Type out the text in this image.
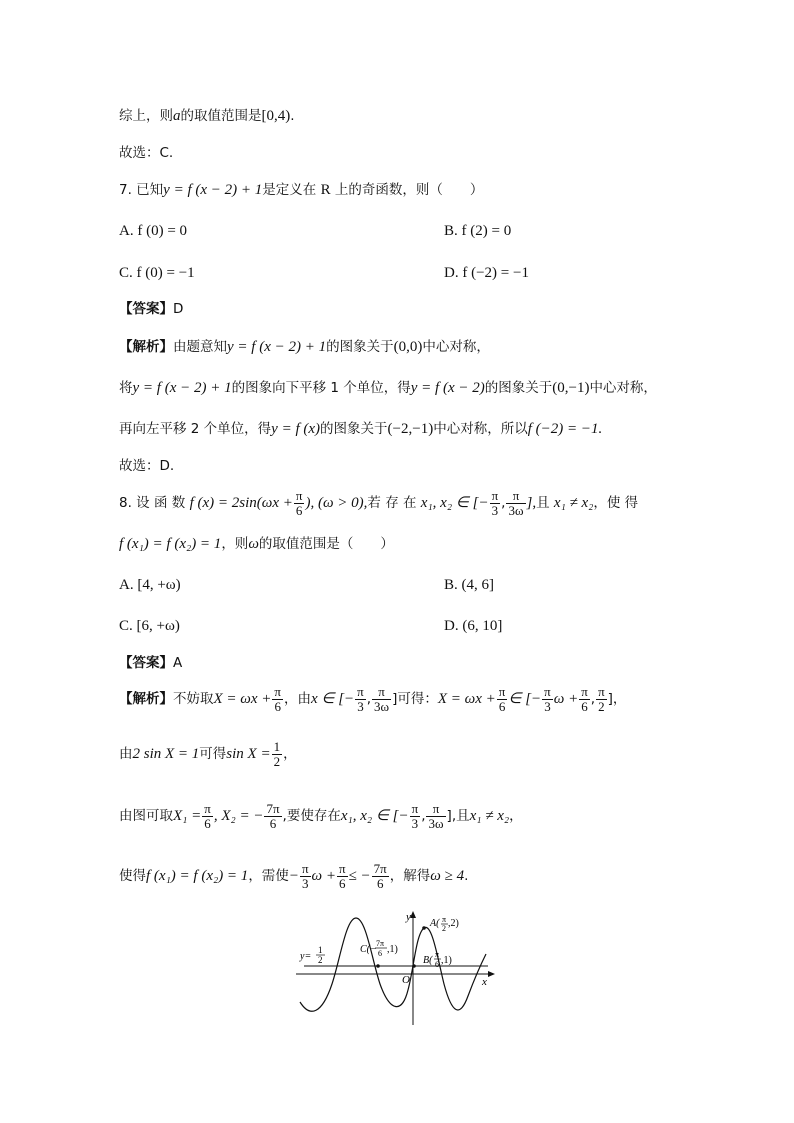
综上，则a的取值范围是[0,4).
故选：C.
7. 已知y = f (x − 2) + 1是定义在 R 上的奇函数，则（　　）
A. f (0) = 0	B. f (2) = 0
C. f (0) = −1	D. f (−2) = −1
【答案】D
【解析】由题意知y = f (x − 2) + 1的图象关于(0,0)中心对称，
将y = f (x − 2) + 1的图象向下平移 1 个单位，得y = f (x − 2)的图象关于(0,−1)中心对称，
再向左平移 2 个单位，得y = f (x)的图象关于(−2,−1)中心对称，所以f (−2) = −1.
故选：D.
8. 设 函 数 f $(x) = 2\sin(\omega x + \frac{\pi}{6}$ ), (ω > 0),若 存 在 x₁, x₂ ∈ [− $\frac{\pi}{3}$ , $\frac{\pi}{3\omega}$ ],且 x₁ ≠ x₂，使 得
f (x₁) = f (x₂) = 1，则ω的取值范围是（　　）
A. [4, +ω)	B. (4, 6]
C. [6, +ω)	D. (6, 10]
【答案】A
【解析】不妨取$X = \omega x + \frac{\pi}{6}$ ，由x ∈ [− $\frac{\pi}{3}$ , $\frac{\pi}{3\omega}$ ]可得：$X = \omega x + \frac{\pi}{6}$ ∈ [− $\frac{\pi}{3}$ $\omega + \frac{\pi}{6}$ , $\frac{\pi}{2}$ ]，
由2 sin X = 1可得$\sin X = \frac{1}{2}$ ，
由图可取$X_1 = \frac{\pi}{6}$ , X₂ = − $\frac{7\pi}{6}$ ,要使存在x₁, x₂ ∈ [− $\frac{\pi}{3}$ , $\frac{\pi}{3\omega}$ ],且x₁ ≠ x₂，
使得f (x₁) = f (x₂) = 1，需使− $\frac{\pi}{3}$ $\omega + \frac{\pi}{6}$ ≤ − $\frac{7\pi}{6}$ ，解得ω ≥ 4.
y
x
O
y=
1
2
C(−
7π
6 ,1)
A( π
2 ,2)
B(
π
6 ,1)
